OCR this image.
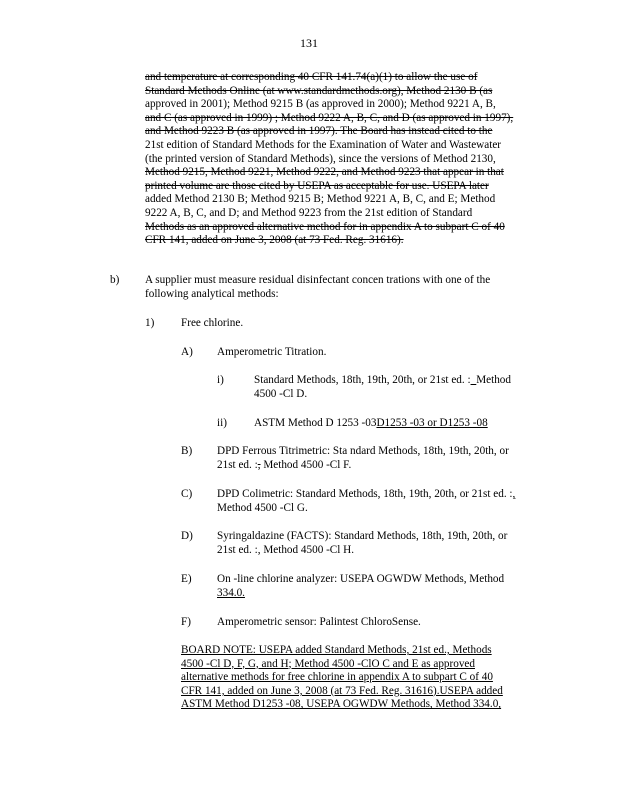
131
and temperature at corresponding 40 CFR 141.74(a)(1) to allow the use of
Standard Methods Online (at www.standardmethods.org), Method 2130 B (as
approved in 2001); Method 9215 B (as approved in 2000); Method 9221 A, B,
and C (as approved in 1999) ; Method 9222 A, B, C, and D (as approved in 1997),
and Method 9223 B (as approved in 1997). The Board has instead cited to the
21st edition of Standard Methods for the Examination of Water and Wastewater
(the printed version of Standard Methods), since the versions of Method 2130,
Method 9215, Method 9221, Method 9222, and Method 9223 that appear in that
printed volume are those cited by USEPA as acceptable for use. USEPA later
added Method 2130 B; Method 9215 B; Method 9221 A, B, C, and E; Method
9222 A, B, C, and D; and Method 9223 from the 21st edition of Standard
Methods as an approved alternative method for in appendix A to subpart C of 40
CFR 141, added on June 3, 2008 (at 73 Fed. Reg. 31616).
b) A supplier must measure residual disinfectant concen trations with one of the
following analytical methods:
1) Free chlorine.
A) Amperometric Titration.
i)	Standard Methods, 18th, 19th, 20th, or 21st ed. :_Method
4500 -Cl D.
ii) ASTM Method D 1253 -03D1253 -03 or D1253 -08
B) DPD Ferrous Titrimetric: Sta ndard Methods, 18th, 19th, 20th, or
21st ed. :, Method 4500 -Cl F.
C) DPD Colimetric: Standard Methods, 18th, 19th, 20th, or 21st ed. :,
Method 4500 -Cl G.
D) Syringaldazine (FACTS): Standard Methods, 18th, 19th, 20th, or
21st ed. :, Method 4500 -Cl H.
E) On -line chlorine analyzer: USEPA OGWDW Methods, Method
334.0.
F) Amperometric sensor: Palintest ChloroSense.
BOARD NOTE: USEPA added Standard Methods, 21st ed., Methods
4500 -Cl D, F, G, and H; Method 4500 -ClO C and E as approved
alternative methods for free chlorine in appendix A to subpart C of 40
CFR 141, added on June 3, 2008 (at 73 Fed. Reg. 31616).USEPA added
ASTM Method D1253 -08, USEPA OGWDW Methods, Method 334.0,
